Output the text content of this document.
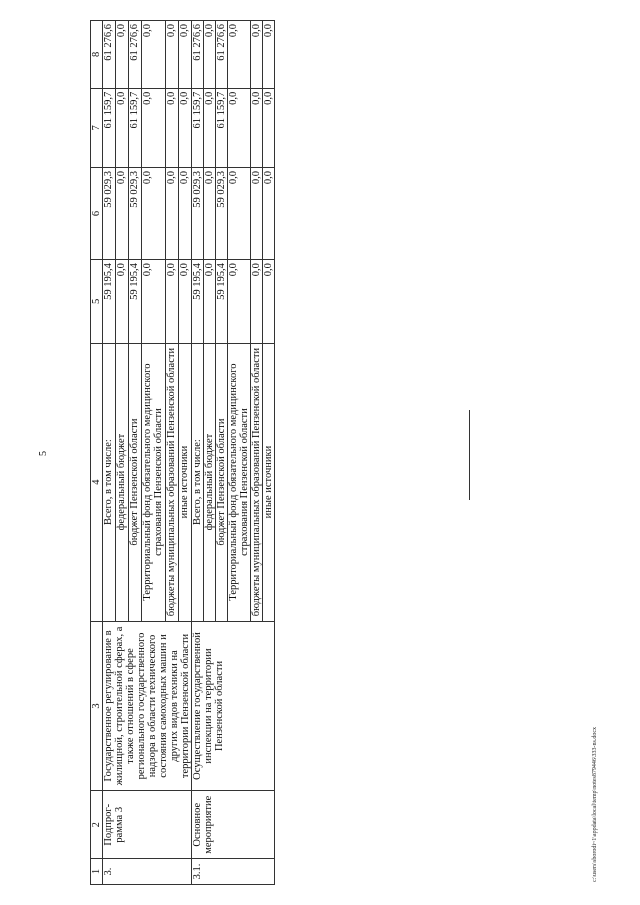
5
c:\users\sborodi~1\appdata\local\temp\notes879446\333-ns.docx
1	2	3	4	5	6	7	8
3.	Подпрог-рамма 3	Государственное регулирование в жилищной, строительной сферах, а также отношений в сфере регионального государственного надзора в области технического состояния самоходных машин и других видов техники на территории Пензенской области	Всего, в том числе:	59 195,4	59 029,3	61 159,7	61 276,6
			федеральный бюджет	0,0	0,0	0,0	0,0
			бюджет Пензенской области	59 195,4	59 029,3	61 159,7	61 276,6
			Территориальный фонд обязательного медицинского страхования Пензенской области	0,0	0,0	0,0	0,0
			бюджеты муниципальных образований Пензенской области	0,0	0,0	0,0	0,0
			иные источники	0,0	0,0	0,0	0,0
3.1.	Основное мероприятие	Осуществление государственной инспекции на территории Пензенской области	Всего, в том числе:	59 195,4	59 029,3	61 159,7	61 276,6
			федеральный бюджет	0,0	0,0	0,0	0,0
			бюджет Пензенской области	59 195,4	59 029,3	61 159,7	61 276,6
			Территориальный фонд обязательного медицинского страхования Пензенской области	0,0	0,0	0,0	0,0
			бюджеты муниципальных образований Пензенской области	0,0	0,0	0,0	0,0
			иные источники	0,0	0,0	0,0	0,0
